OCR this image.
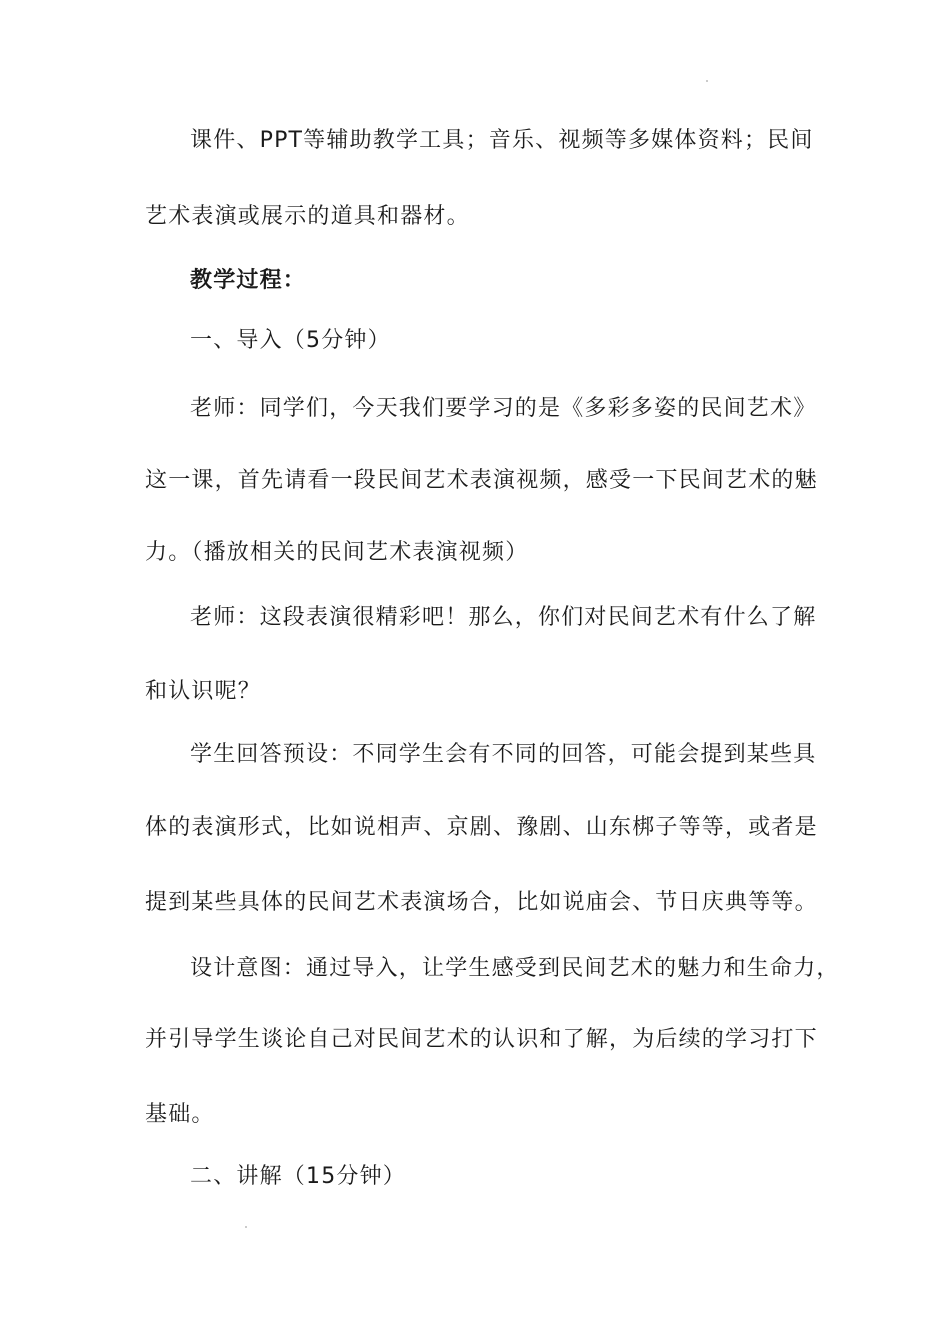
课件、PPT等辅助教学工具；音乐、视频等多媒体资料；民间
艺术表演或展示的道具和器材。
教学过程：
一、导入（5分钟）
老师：同学们，今天我们要学习的是《多彩多姿的民间艺术》
这一课，首先请看一段民间艺术表演视频，感受一下民间艺术的魅
力。（播放相关的民间艺术表演视频）
老师：这段表演很精彩吧！那么，你们对民间艺术有什么了解
和认识呢？
学生回答预设：不同学生会有不同的回答，可能会提到某些具
体的表演形式，比如说相声、京剧、豫剧、山东梆子等等，或者是
提到某些具体的民间艺术表演场合，比如说庙会、节日庆典等等。
设计意图：通过导入，让学生感受到民间艺术的魅力和生命力，
并引导学生谈论自己对民间艺术的认识和了解，为后续的学习打下
基础。
二、讲解（15分钟）
